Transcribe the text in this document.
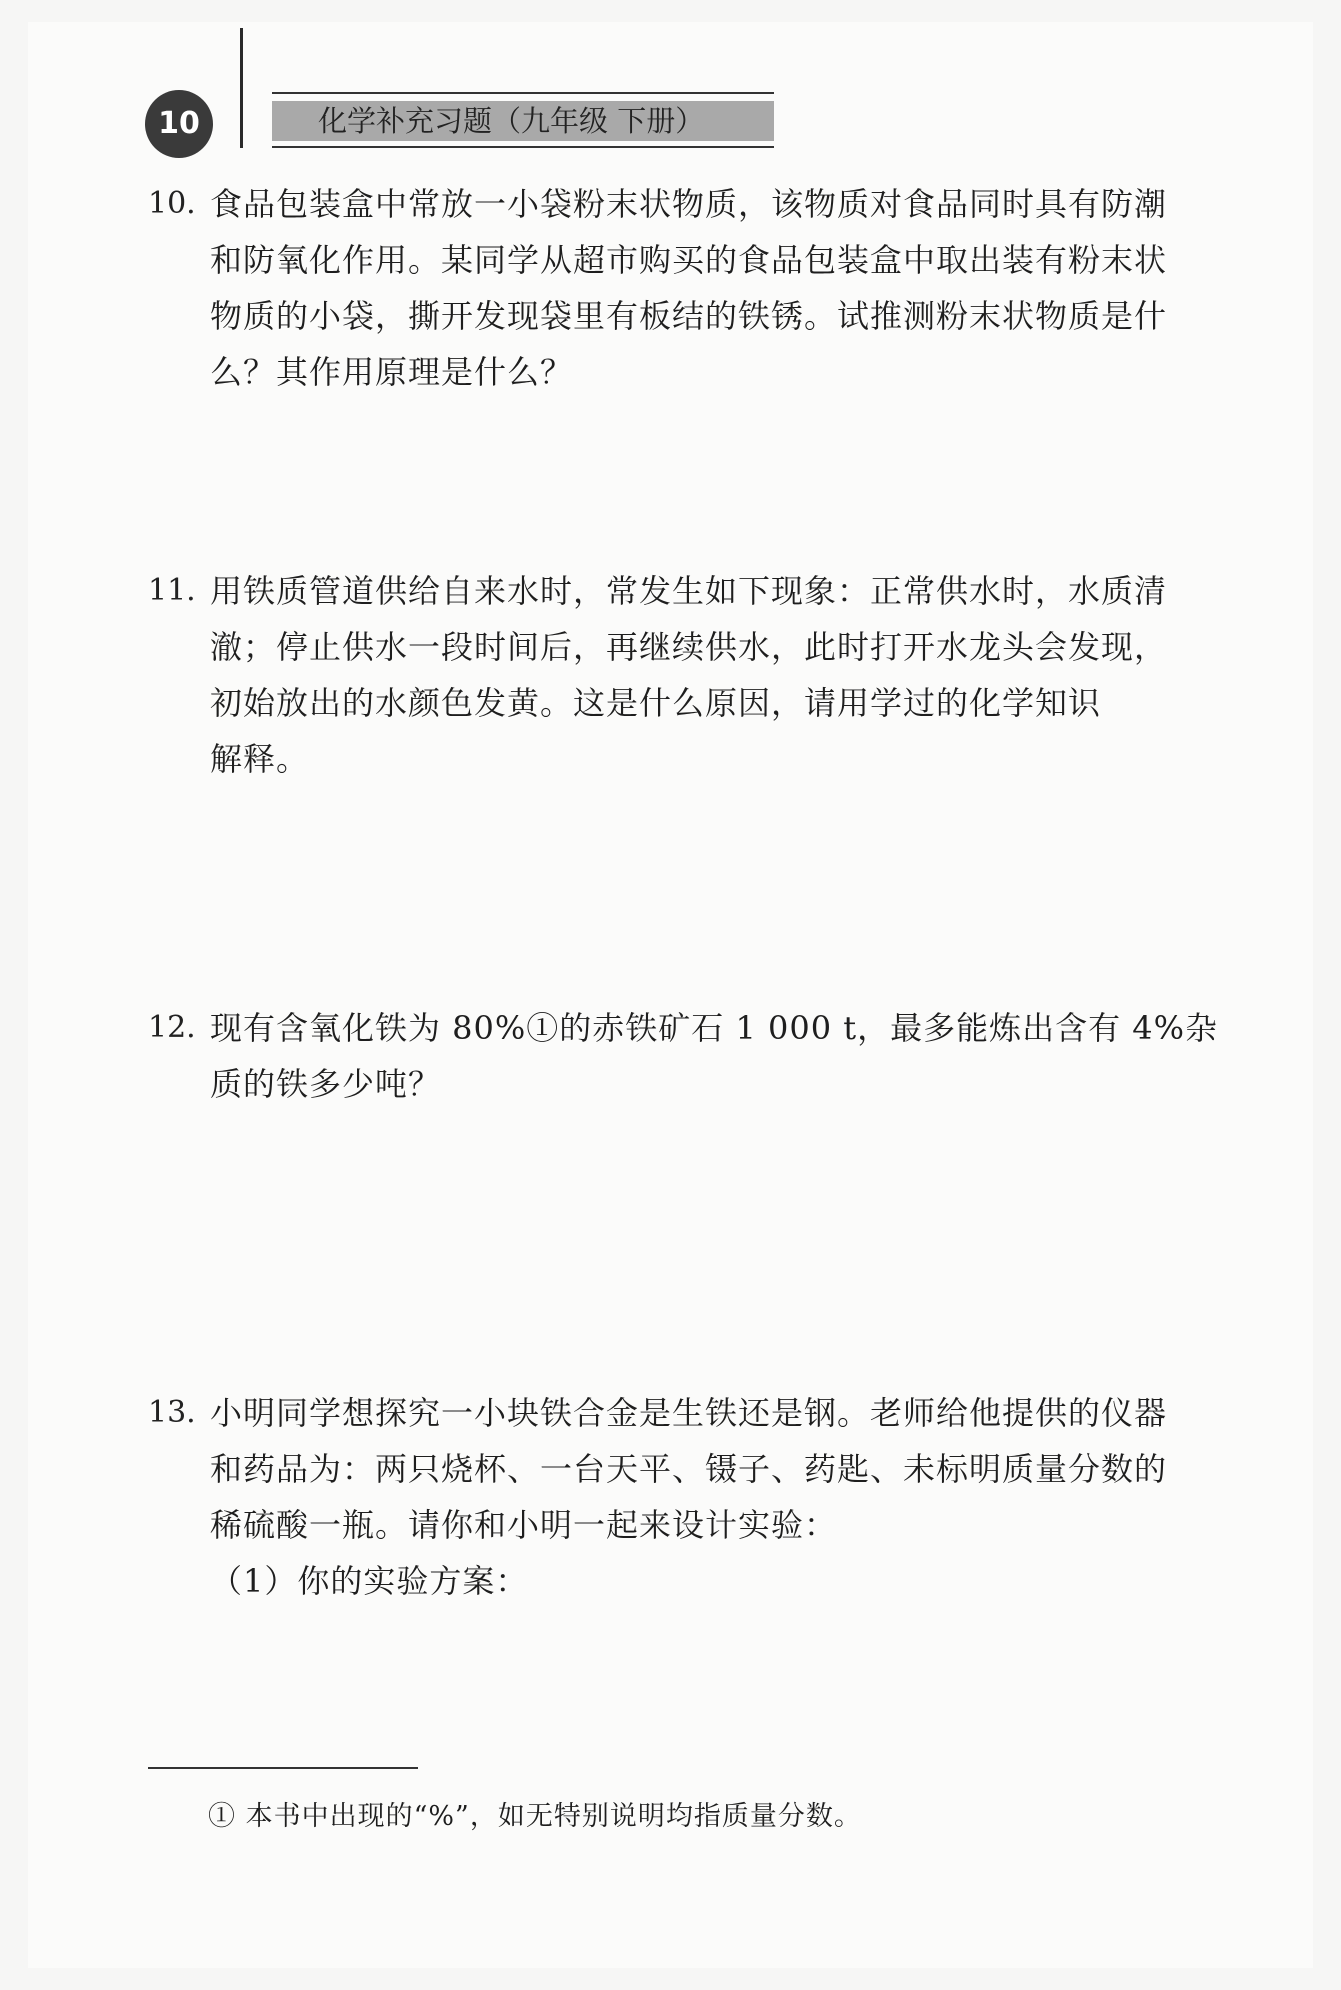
10	化学补充习题（九年级 下册）
10. 食品包装盒中常放一小袋粉末状物质，该物质对食品同时具有防潮

和防氧化作用。某同学从超市购买的食品包装盒中取出装有粉末状

物质的小袋，撕开发现袋里有板结的铁锈。试推测粉末状物质是什

么？其作用原理是什么？

11. 用铁质管道供给自来水时，常发生如下现象：正常供水时，水质清

澈；停止供水一段时间后，再继续供水，此时打开水龙头会发现，

初始放出的水颜色发黄。这是什么原因，请用学过的化学知识

解释。

12. 现有含氧化铁为 80%①的赤铁矿石 1 000 t，最多能炼出含有 4%杂

质的铁多少吨？

13. 小明同学想探究一小块铁合金是生铁还是钢。老师给他提供的仪器

和药品为：两只烧杯、一台天平、镊子、药匙、未标明质量分数的

稀硫酸一瓶。请你和小明一起来设计实验：

（1）你的实验方案：

① 本书中出现的“%”，如无特别说明均指质量分数。
